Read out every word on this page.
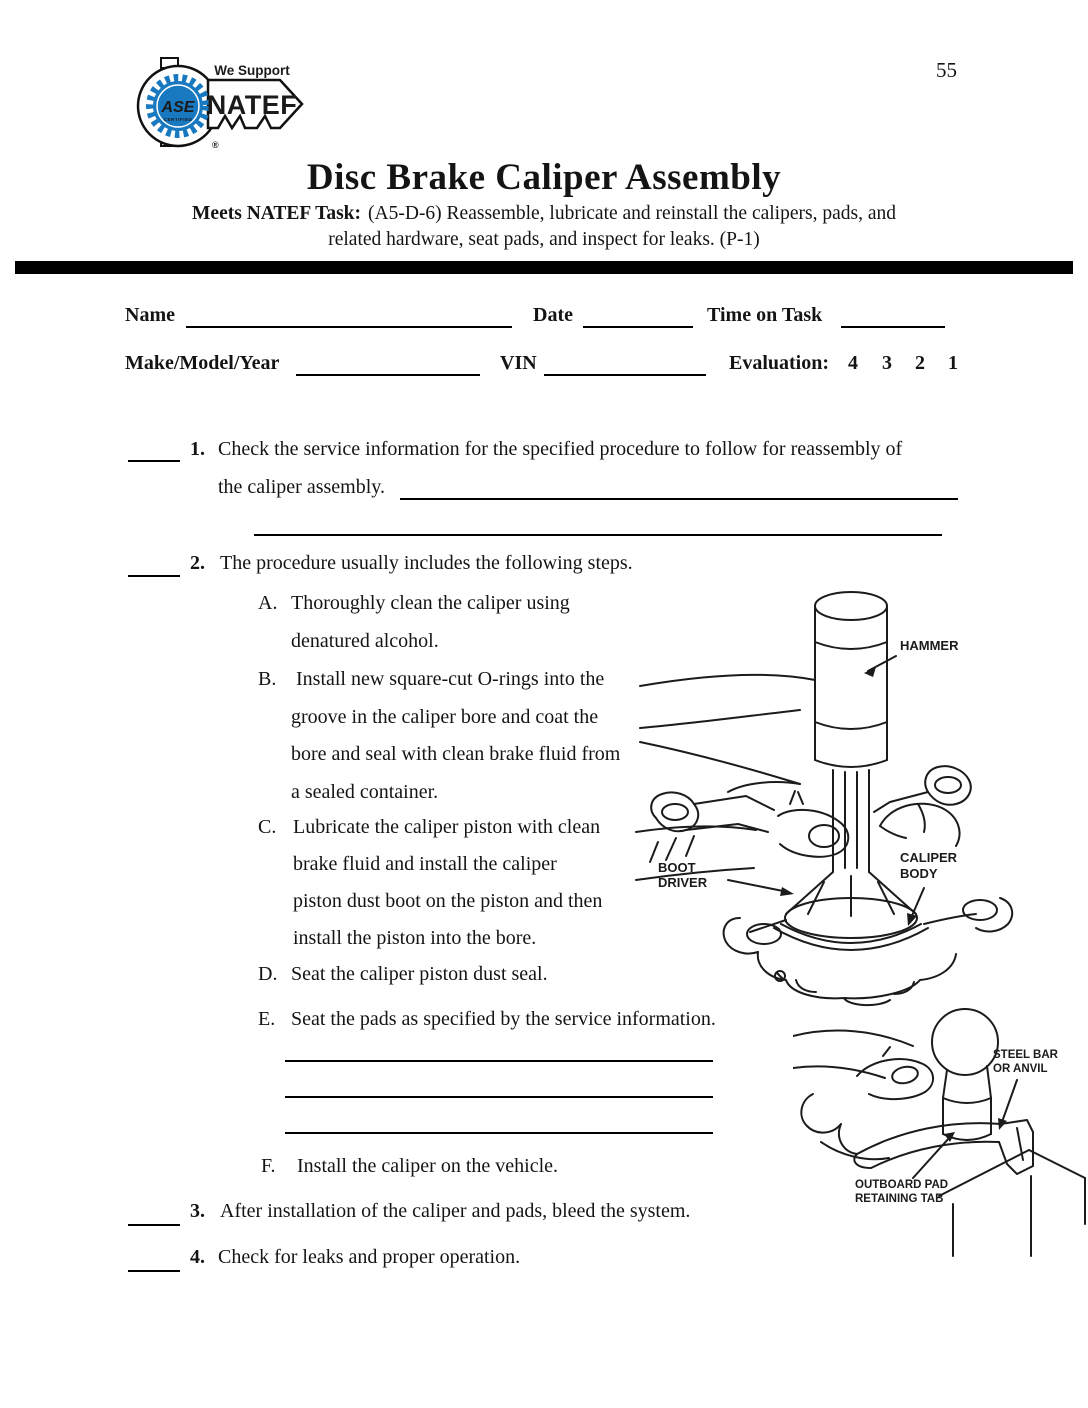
55
ASE
CERTIFIED
®
We Support
NATEF
Disc Brake Caliper Assembly
Meets NATEF Task: (A5-D-6) Reassemble, lubricate and reinstall the calipers, pads, and
related hardware, seat pads, and inspect for leaks. (P-1)
Name	Date	Time on Task
Make/Model/Year	VIN	Evaluation: 4 3 2 1
1. Check the service information for the specified procedure to follow for reassembly of
the caliper assembly.
2. The procedure usually includes the following steps.
A. Thoroughly clean the caliper using
denatured alcohol.
B. Install new square-cut O-rings into the
groove in the caliper bore and coat the
bore and seal with clean brake fluid from
a sealed container.
C. Lubricate the caliper piston with clean
brake fluid and install the caliper
piston dust boot on the piston and then
install the piston into the bore.
D. Seat the caliper piston dust seal.
E. Seat the pads as specified by the service information.
F. Install the caliper on the vehicle.
3. After installation of the caliper and pads, bleed the system.
4. Check for leaks and proper operation.
HAMMER
BOOT
DRIVER
CALIPER
BODY
STEEL BAR
OR ANVIL
OUTBOARD PAD
RETAINING TAB
